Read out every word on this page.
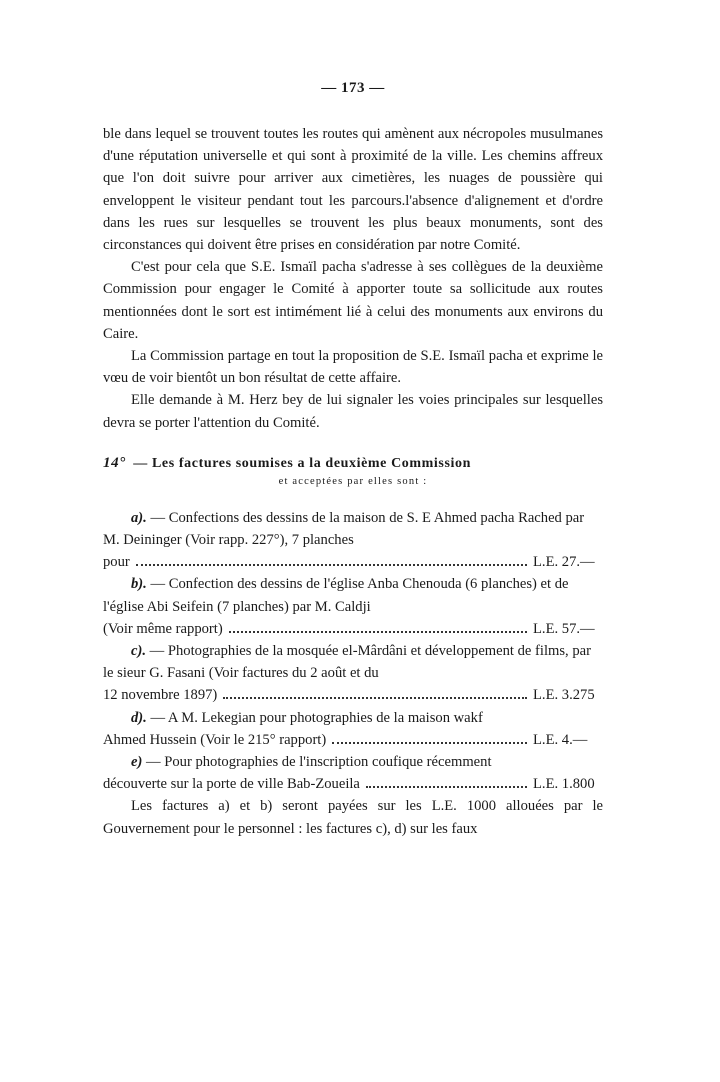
— 173 —

ble dans lequel se trouvent toutes les routes qui amènent aux nécropoles musulmanes d'une réputation universelle et qui sont à proximité de la ville. Les chemins affreux que l'on doit suivre pour arriver aux cimetières, les nuages de poussière qui enveloppent le visiteur pendant tout les parcours.l'absence d'alignement et d'ordre dans les rues sur lesquelles se trouvent les plus beaux monuments, sont des circonstances qui doivent être prises en considération par notre Comité.

C'est pour cela que S.E. Ismaïl pacha s'adresse à ses collègues de la deuxième Commission pour engager le Comité à apporter toute sa sollicitude aux routes mentionnées dont le sort est intimément lié à celui des monuments aux environs du Caire.

La Commission partage en tout la proposition de S.E. Ismaïl pacha et exprime le vœu de voir bientôt un bon résultat de cette affaire.

Elle demande à M. Herz bey de lui signaler les voies principales sur lesquelles devra se porter l'attention du Comité.

14° — Les factures soumises a la deuxième Commission
et acceptées par elles sont :
a). — Confections des dessins de la maison de S. E Ahmed pacha Rached par M. Deininger (Voir rapp. 227°), 7 planches
pour	L.E. 27.—
b). — Confection des dessins de l'église Anba Chenouda (6 planches) et de l'église Abi Seifein (7 planches) par M. Caldji
(Voir même rapport)	L.E. 57.—
c). — Photographies de la mosquée el-Mârdâni et développement de films, par le sieur G. Fasani (Voir factures du 2 août et du
12 novembre 1897)	L.E. 3.275
d). — A M. Lekegian pour photographies de la maison wakf
Ahmed Hussein (Voir le 215° rapport)	L.E. 4.—
e) — Pour photographies de l'inscription coufique récemment
découverte sur la porte de ville Bab-Zoueila	L.E. 1.800

Les factures a) et b) seront payées sur les L.E. 1000 allouées par le Gouvernement pour le personnel : les factures c), d) sur les faux
